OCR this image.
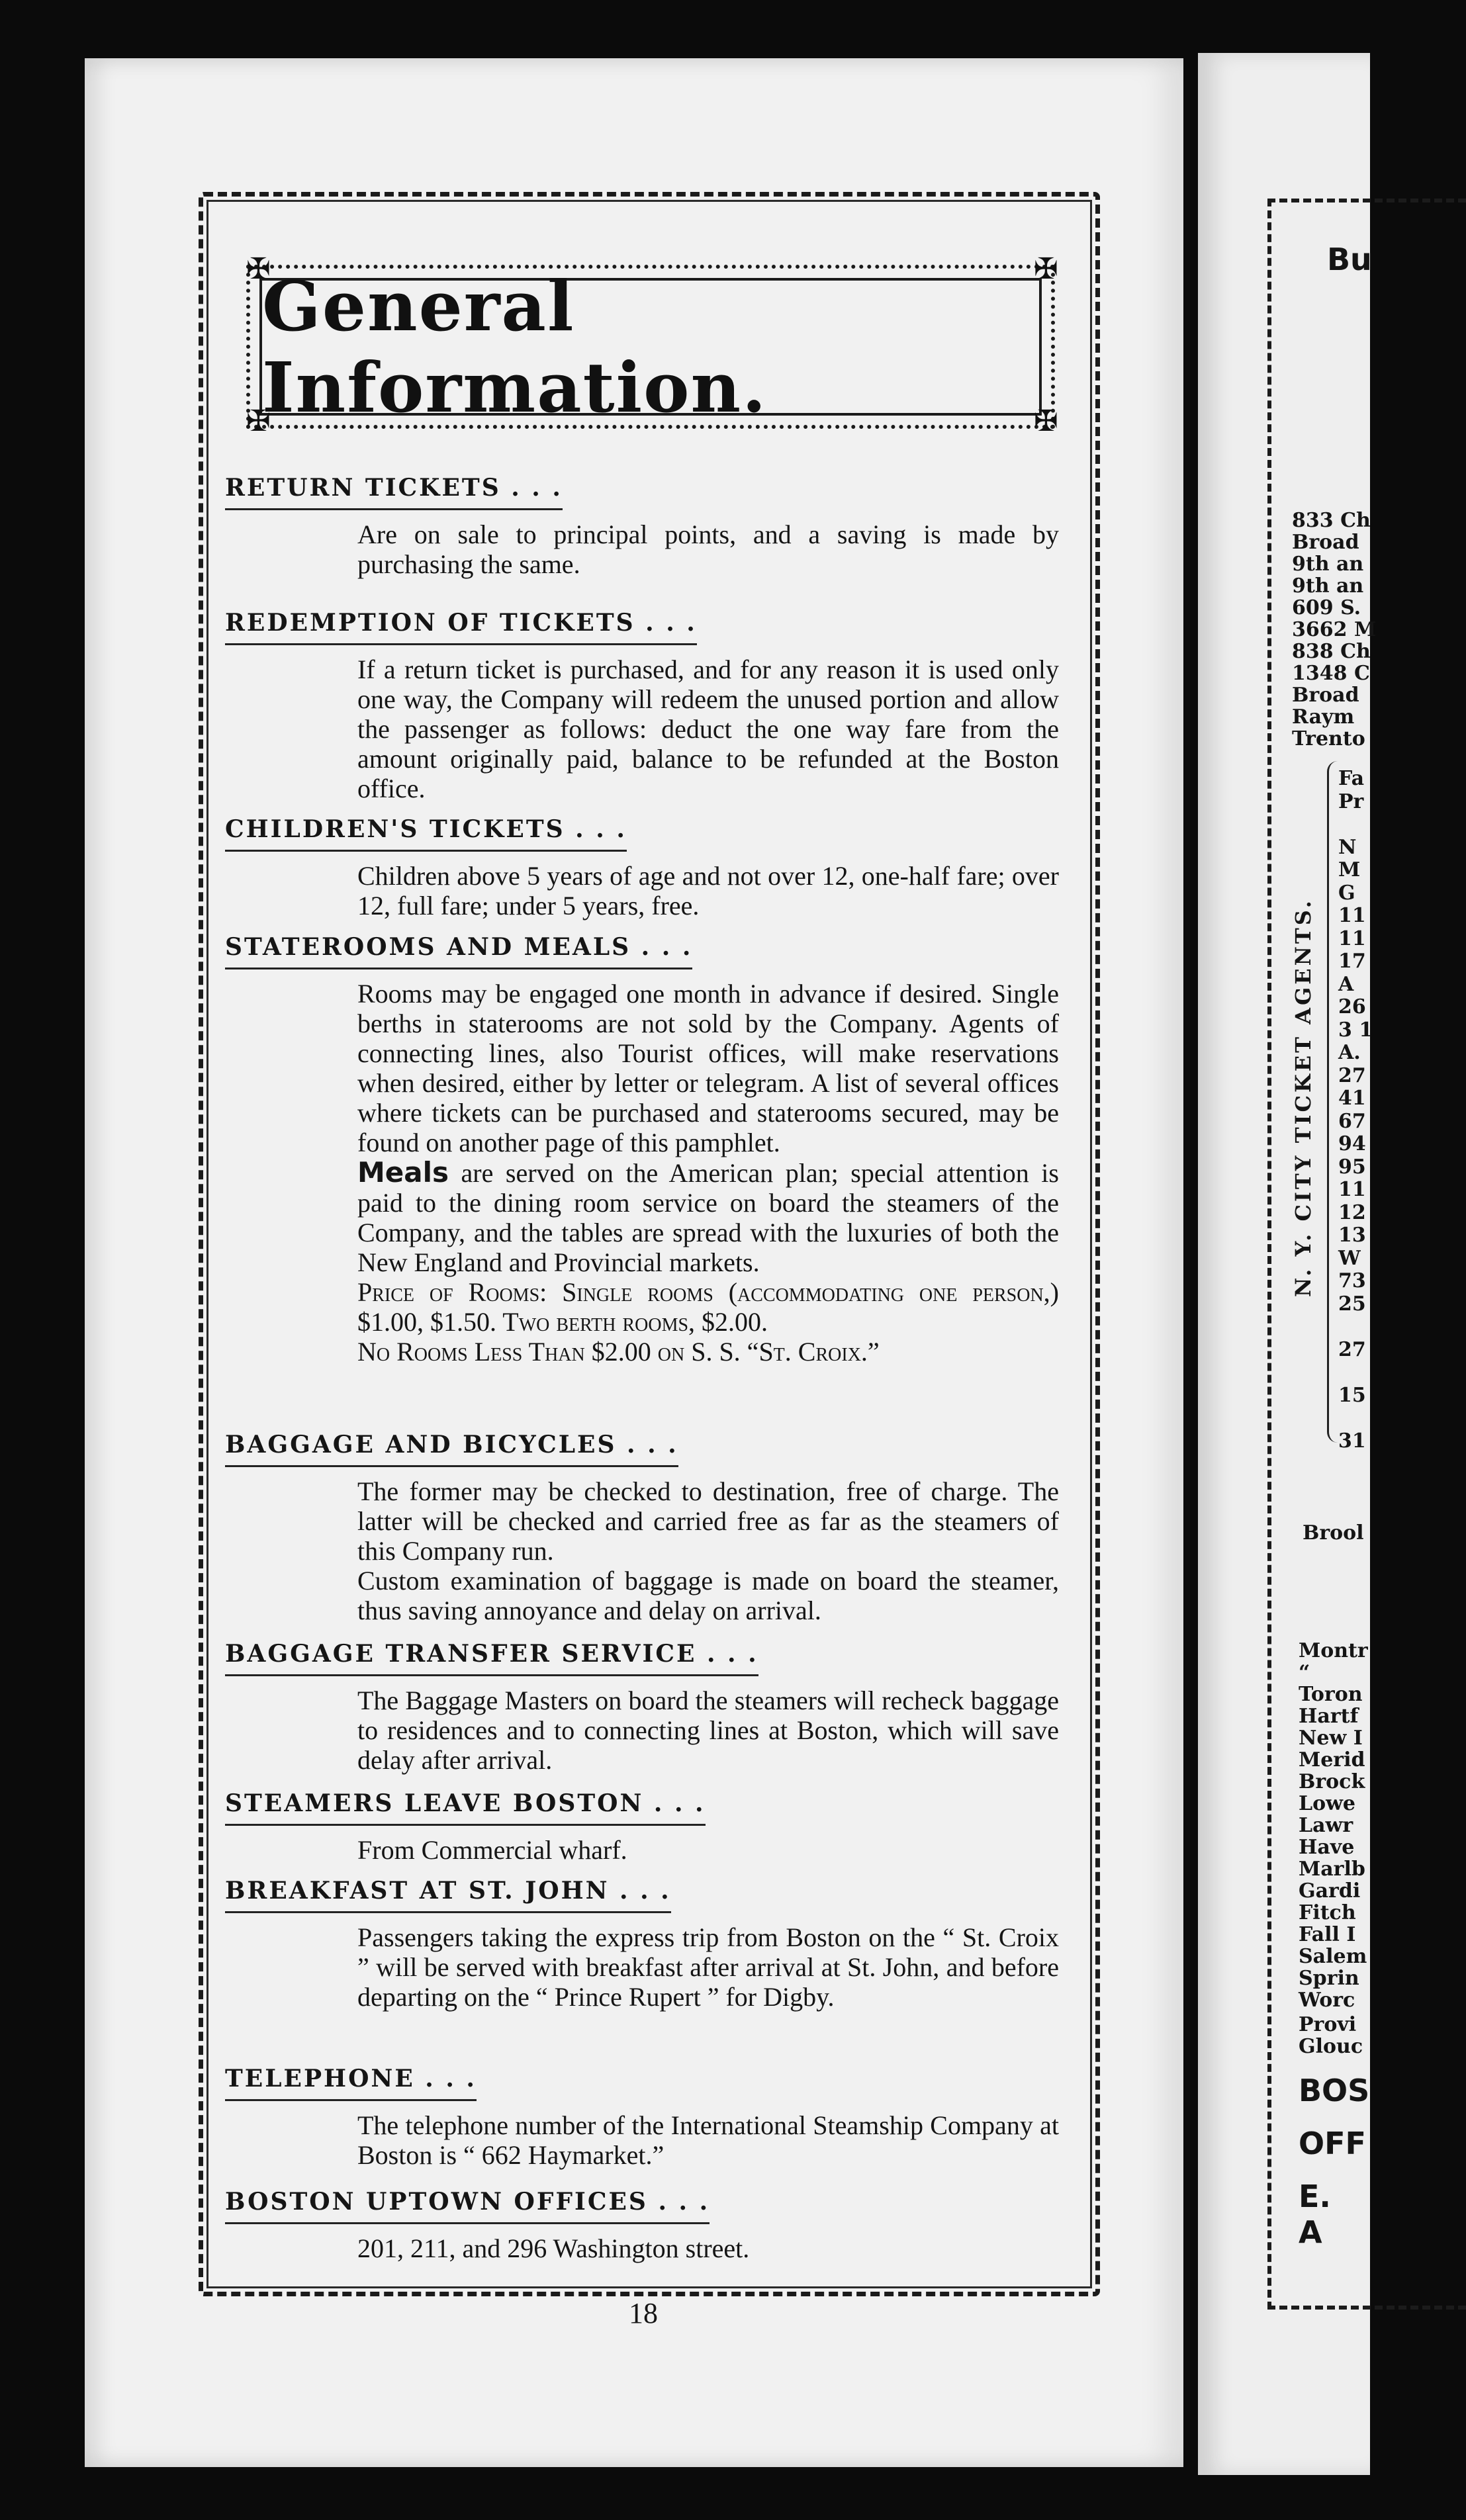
General Information.
✠	✠
✠	✠
RETURN TICKETS . . .

Are on sale to principal points, and a saving is made by purchasing the same.

REDEMPTION OF TICKETS . . .

If a return ticket is purchased, and for any reason it is used only one way, the Company will redeem the unused portion and allow the passenger as follows: deduct the one way fare from the amount originally paid, balance to be refunded at the Boston office.

CHILDREN'S TICKETS . . .

Children above 5 years of age and not over 12, one-half fare; over 12, full fare; under 5 years, free.

STATEROOMS AND MEALS . . .

Rooms may be engaged one month in advance if desired. Single berths in staterooms are not sold by the Company. Agents of connecting lines, also Tourist offices, will make reservations when desired, either by letter or telegram. A list of several offices where tickets can be purchased and staterooms secured, may be found on another page of this pamphlet.

Meals are served on the American plan; special attention is paid to the dining room service on board the steamers of the Company, and the tables are spread with the luxuries of both the New England and Provincial markets.

Price of Rooms: Single rooms (accommodating one person,) $1.00, $1.50. Two berth rooms, $2.00.

No Rooms Less Than $2.00 on S. S. “St. Croix.”

BAGGAGE AND BICYCLES . . .

The former may be checked to destination, free of charge. The latter will be checked and carried free as far as the steamers of this Company run.

Custom examination of baggage is made on board the steamer, thus saving annoyance and delay on arrival.

BAGGAGE TRANSFER SERVICE . . .

The Baggage Masters on board the steamers will recheck baggage to residences and to connecting lines at Boston, which will save delay after arrival.

STEAMERS LEAVE BOSTON . . .

From Commercial wharf.

BREAKFAST AT ST. JOHN . . .

Passengers taking the express trip from Boston on the “ St. Croix ” will be served with breakfast after arrival at St. John, and before departing on the “ Prince Rupert ” for Digby.

TELEPHONE . . .

The telephone number of the International Steamship Company at Boston is “ 662 Haymarket.”

BOSTON UPTOWN OFFICES . . .

201, 211, and 296 Washington street.

18
Bu
833 Ch
Broad
9th an
9th an
609 S.
3662 M
838 Ch
1348 C
Broad
Raym
Trento
Fa
Pr
N
M
G
11
11
17
A
26
3 1
A.
27
41
67
94
95
11
12
13
W
73
25
27
15
31
N. Y. CITY TICKET AGENTS.
Brool
Montr
“
Toron
Hartf
New I
Merid
Brock
Lowe
Lawr
Have
Marlb
Gardi
Fitch
Fall I
Salem
Sprin
Worc
Provi
Glouc
BOS
OFF
E. A
